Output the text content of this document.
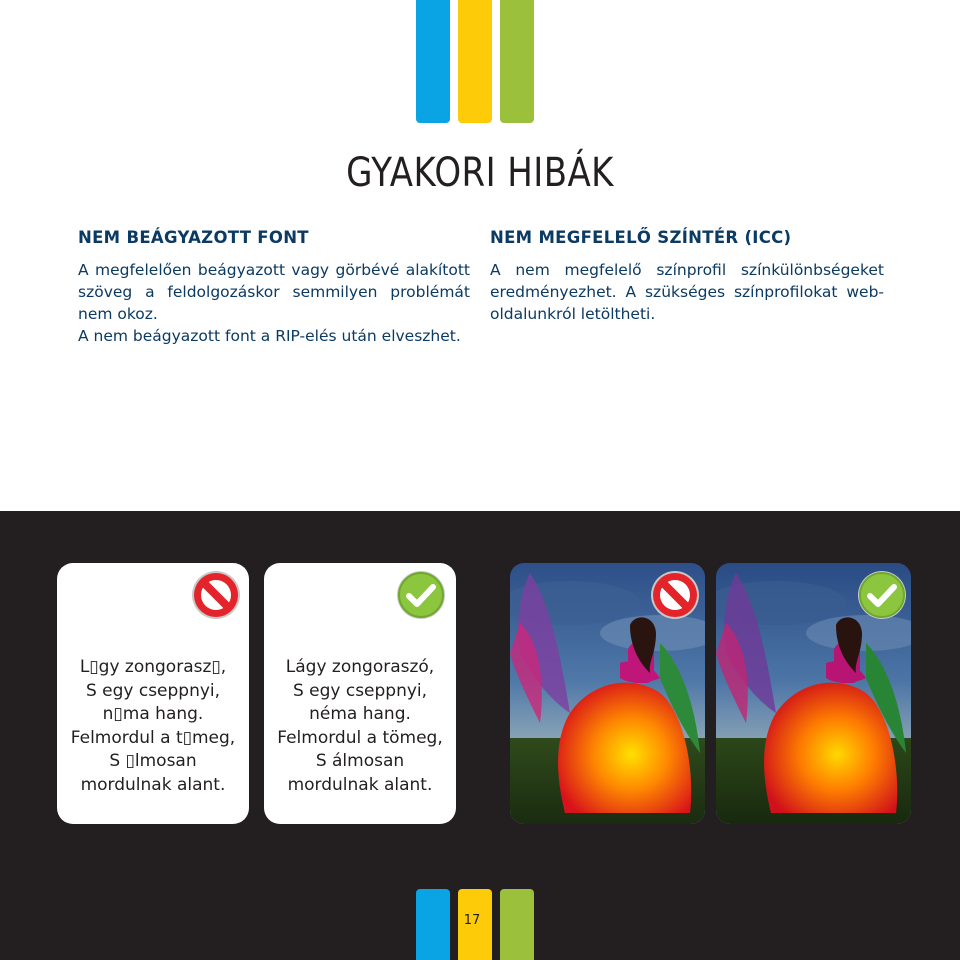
GYAKORI HIBÁK
NEM BEÁGYAZOTT FONT
A megfelelően beágyazott vagy görbévé alakított
szöveg a feldolgozáskor semmilyen problémát
nem okoz.
A nem beágyazott font a RIP-elés után elveszhet.
NEM MEGFELELŐ SZÍNTÉR (ICC)
A nem megfelelő színprofil színkülönbségeket
eredményezhet. A szükséges színprofilokat web-
oldalunkról letöltheti.
L▯gy zongorasz▯,
S egy cseppnyi,
n▯ma hang.
Felmordul a t▯meg,
S ▯lmosan
mordulnak alant.
Lágy zongoraszó,
S egy cseppnyi,
néma hang.
Felmordul a tömeg,
S álmosan
mordulnak alant.
17
